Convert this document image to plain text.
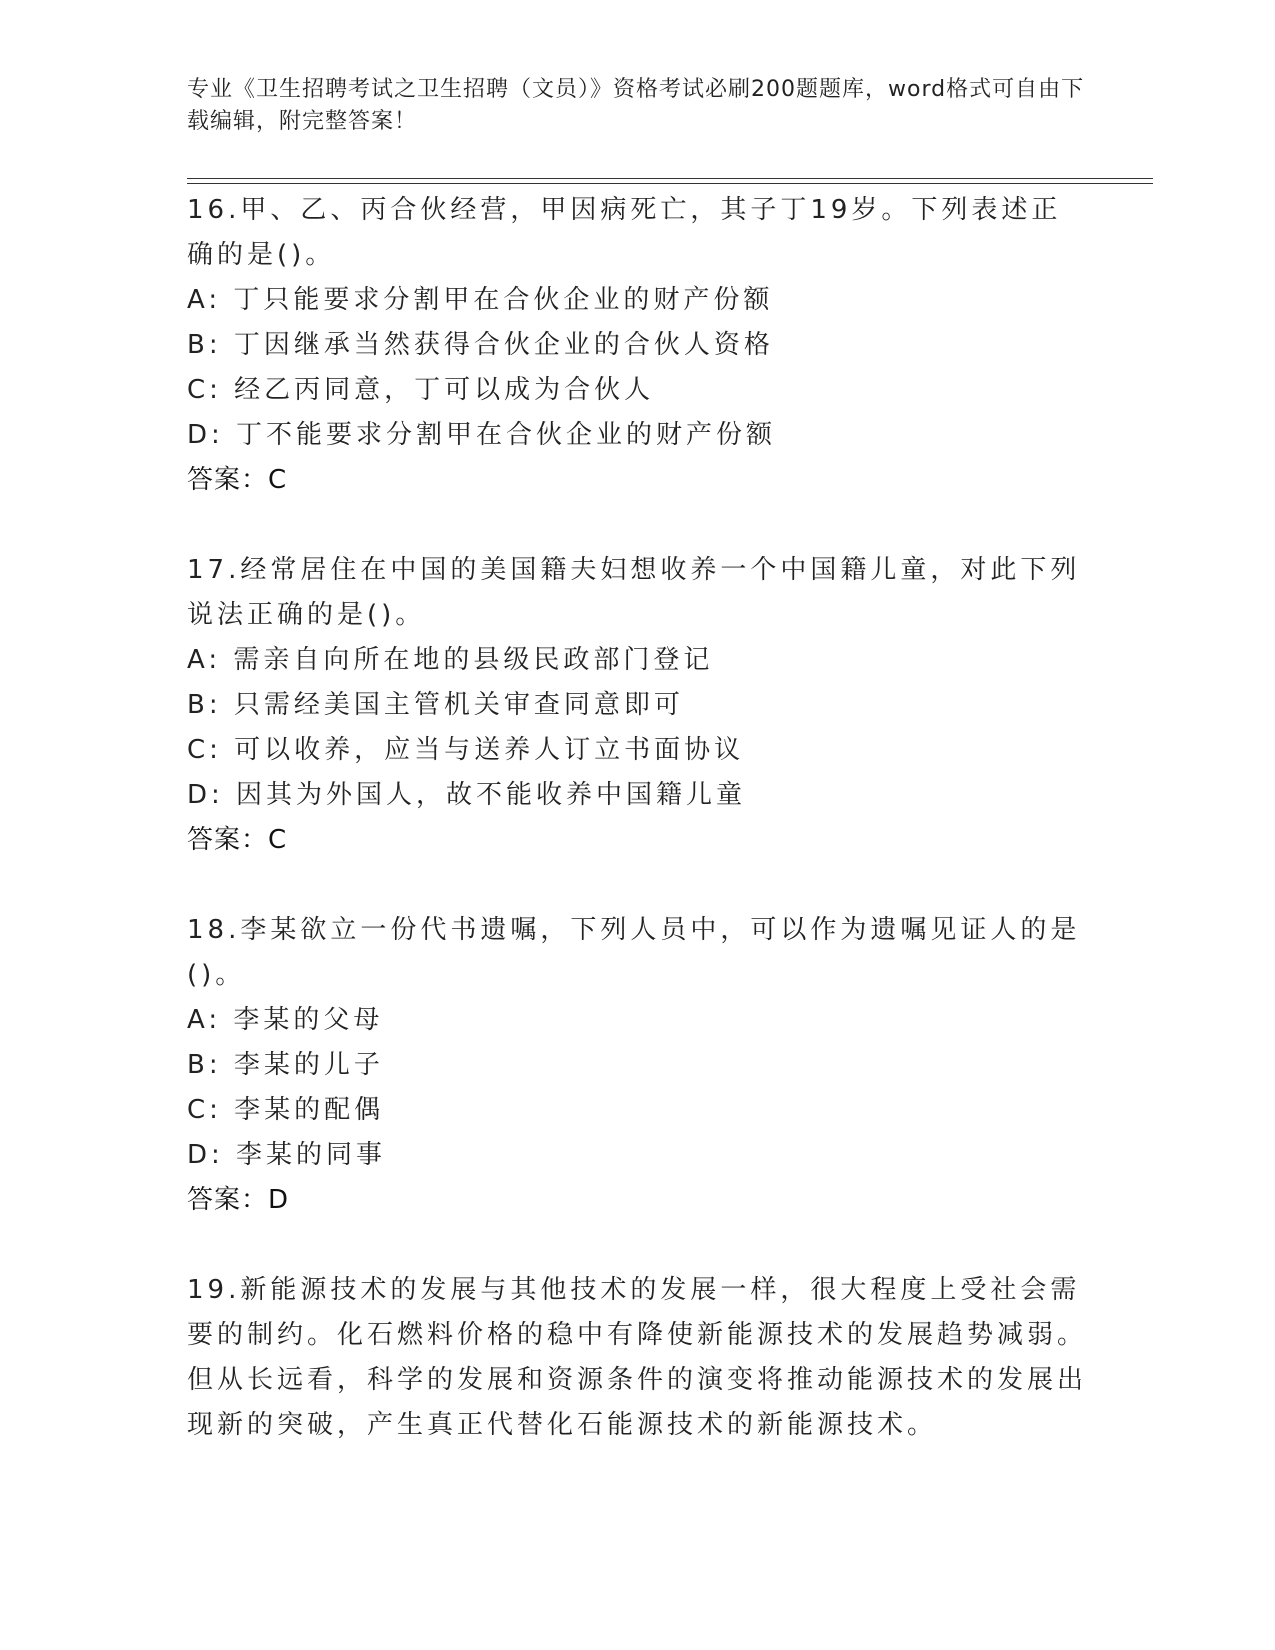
专业《卫生招聘考试之卫生招聘（文员）》资格考试必刷200题题库，word格式可自由下载编辑，附完整答案！
16.甲、乙、丙合伙经营，甲因病死亡，其子丁19岁。下列表述正确的是()。
A: 丁只能要求分割甲在合伙企业的财产份额
B: 丁因继承当然获得合伙企业的合伙人资格
C: 经乙丙同意，丁可以成为合伙人
D: 丁不能要求分割甲在合伙企业的财产份额
答案：C
17.经常居住在中国的美国籍夫妇想收养一个中国籍儿童，对此下列说法正确的是()。
A: 需亲自向所在地的县级民政部门登记
B: 只需经美国主管机关审查同意即可
C: 可以收养，应当与送养人订立书面协议
D: 因其为外国人，故不能收养中国籍儿童
答案：C
18.李某欲立一份代书遗嘱，下列人员中，可以作为遗嘱见证人的是()。
A: 李某的父母
B: 李某的儿子
C: 李某的配偶
D: 李某的同事
答案：D
19.新能源技术的发展与其他技术的发展一样，很大程度上受社会需要的制约。化石燃料价格的稳中有降使新能源技术的发展趋势减弱。但从长远看，科学的发展和资源条件的演变将推动能源技术的发展出现新的突破，产生真正代替化石能源技术的新能源技术。
